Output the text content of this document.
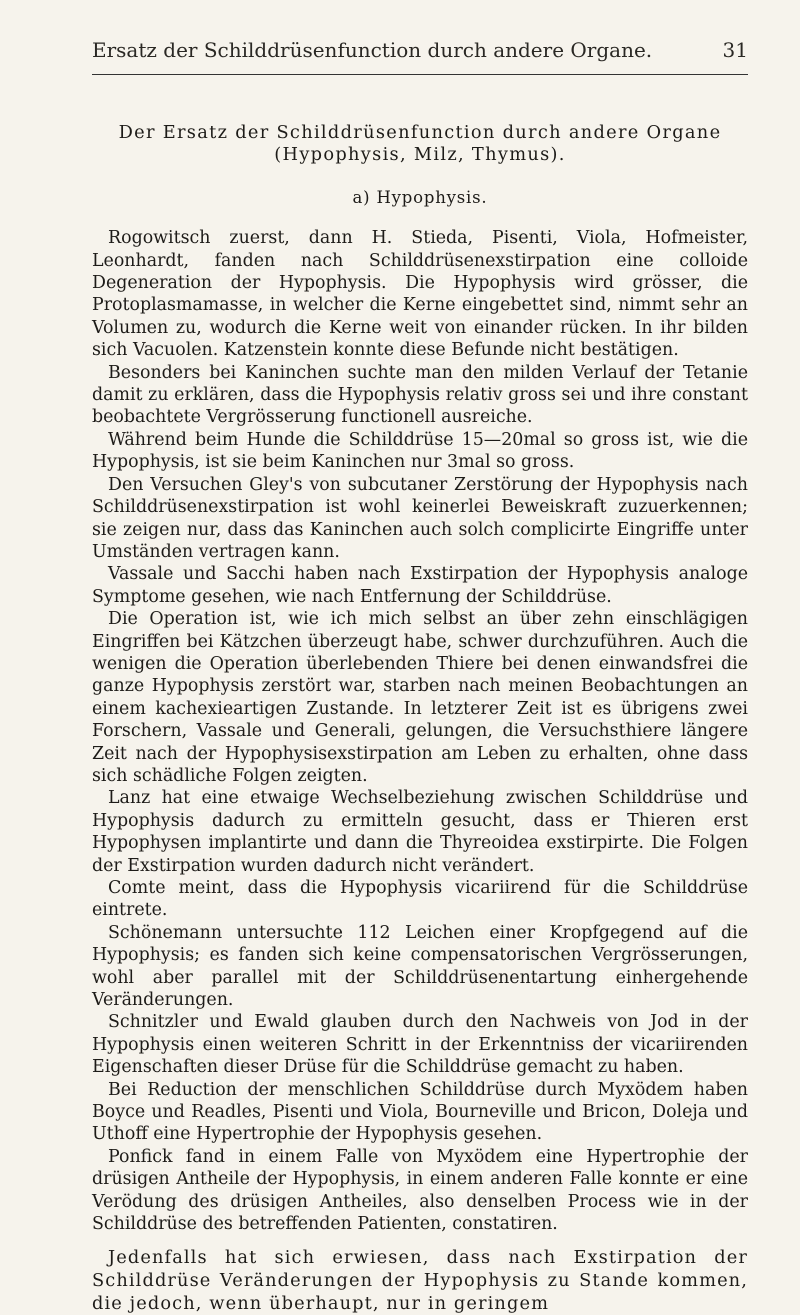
Ersatz der Schilddrüsenfunction durch andere Organe.	31
Der Ersatz der Schilddrüsenfunction durch andere Organe
(Hypophysis, Milz, Thymus).
a) Hypophysis.

Rogowitsch zuerst, dann H. Stieda, Pisenti, Viola, Hofmeister, Leonhardt, fanden nach Schilddrüsenexstirpation eine colloide Degeneration der Hypophysis. Die Hypophysis wird grösser, die Protoplasmamasse, in welcher die Kerne eingebettet sind, nimmt sehr an Volumen zu, wodurch die Kerne weit von einander rücken. In ihr bilden sich Vacuolen. Katzenstein konnte diese Befunde nicht bestätigen.

Besonders bei Kaninchen suchte man den milden Verlauf der Tetanie damit zu erklären, dass die Hypophysis relativ gross sei und ihre constant beobachtete Vergrösserung functionell ausreiche.

Während beim Hunde die Schilddrüse 15—20mal so gross ist, wie die Hypophysis, ist sie beim Kaninchen nur 3mal so gross.

Den Versuchen Gley's von subcutaner Zerstörung der Hypophysis nach Schilddrüsenexstirpation ist wohl keinerlei Beweiskraft zuzuerkennen; sie zeigen nur, dass das Kaninchen auch solch complicirte Eingriffe unter Umständen vertragen kann.

Vassale und Sacchi haben nach Exstirpation der Hypophysis analoge Symptome gesehen, wie nach Entfernung der Schilddrüse.

Die Operation ist, wie ich mich selbst an über zehn einschlägigen Eingriffen bei Kätzchen überzeugt habe, schwer durchzuführen. Auch die wenigen die Operation überlebenden Thiere bei denen einwandsfrei die ganze Hypophysis zerstört war, starben nach meinen Beobachtungen an einem kachexieartigen Zustande. In letzterer Zeit ist es übrigens zwei Forschern, Vassale und Generali, gelungen, die Versuchsthiere längere Zeit nach der Hypophysisexstirpation am Leben zu erhalten, ohne dass sich schädliche Folgen zeigten.

Lanz hat eine etwaige Wechselbeziehung zwischen Schilddrüse und Hypophysis dadurch zu ermitteln gesucht, dass er Thieren erst Hypophysen implantirte und dann die Thyreoidea exstirpirte. Die Folgen der Exstirpation wurden dadurch nicht verändert.

Comte meint, dass die Hypophysis vicariirend für die Schilddrüse eintrete.

Schönemann untersuchte 112 Leichen einer Kropfgegend auf die Hypophysis; es fanden sich keine compensatorischen Vergrösserungen, wohl aber parallel mit der Schilddrüsenentartung einhergehende Veränderungen.

Schnitzler und Ewald glauben durch den Nachweis von Jod in der Hypophysis einen weiteren Schritt in der Erkenntniss der vicariirenden Eigenschaften dieser Drüse für die Schilddrüse gemacht zu haben.

Bei Reduction der menschlichen Schilddrüse durch Myxödem haben Boyce und Readles, Pisenti und Viola, Bourneville und Bricon, Doleja und Uthoff eine Hypertrophie der Hypophysis gesehen.

Ponfick fand in einem Falle von Myxödem eine Hypertrophie der drüsigen Antheile der Hypophysis, in einem anderen Falle konnte er eine Verödung des drüsigen Antheiles, also denselben Process wie in der Schilddrüse des betreffenden Patienten, constatiren.

Jedenfalls hat sich erwiesen, dass nach Exstirpation der Schilddrüse Veränderungen der Hypophysis zu Stande kommen, die jedoch, wenn überhaupt, nur in geringem
